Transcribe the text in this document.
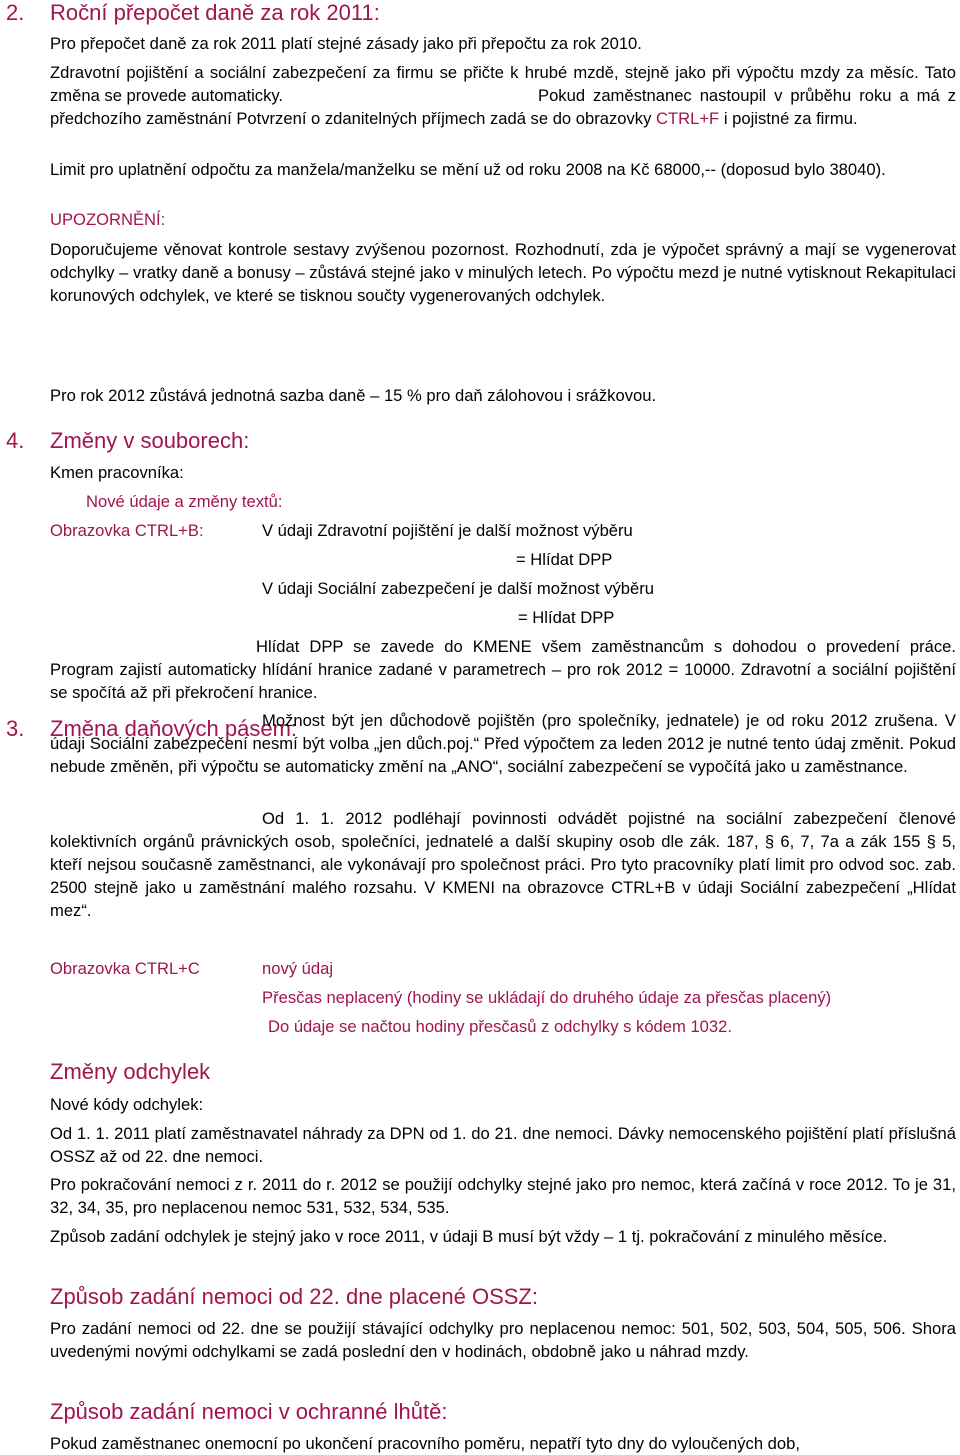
2. Roční přepočet daně za rok 2011:

Pro přepočet daně za rok 2011 platí stejné zásady jako při přepočtu za rok 2010.

Zdravotní pojištění a sociální zabezpečení za firmu se přičte k hrubé mzdě, stejně jako při výpočtu mzdy za měsíc. Tato změna se provede automaticky.	Pokud zaměstnanec nastoupil v průběhu roku a má z předchozího zaměstnání Potvrzení o zdanitelných příjmech zadá se do obrazovky CTRL+F i pojistné za firmu.

Limit pro uplatnění odpočtu za manžela/manželku se mění už od roku 2008 na Kč 68000,-- (doposud bylo 38040).

UPOZORNĚNÍ:

Doporučujeme věnovat kontrole sestavy zvýšenou pozornost. Rozhodnutí, zda je výpočet správný a mají se vygenerovat odchylky – vratky daně a bonusy – zůstává stejné jako v minulých letech. Po výpočtu mezd je nutné vytisknout Rekapitulaci korunových odchylek, ve které se tisknou součty vygenerovaných odchylek.

3. Změna daňových pásem:

Pro rok 2012 zůstává jednotná sazba daně – 15 % pro daň zálohovou i srážkovou.

4. Změny v souborech:
Kmen pracovníka:
Nové údaje a změny textů:
Obrazovka CTRL+B:	V údaji Zdravotní pojištění je další možnost výběru
= Hlídat DPP
V údaji Sociální zabezpečení je další možnost výběru
= Hlídat DPP

Hlídat DPP se zavede do KMENE všem zaměstnancům s dohodou o provedení práce. Program zajistí automaticky hlídání hranice zadané v parametrech – pro rok 2012 = 10000. Zdravotní a sociální pojištění se spočítá až při překročení hranice.

Možnost být jen důchodově pojištěn (pro společníky, jednatele) je od roku 2012 zrušena. V údaji Sociální zabezpečení nesmí být volba „jen důch.poj.“ Před výpočtem za leden 2012 je nutné tento údaj změnit. Pokud nebude změněn, při výpočtu se automaticky změní na „ANO“, sociální zabezpečení se vypočítá jako u zaměstnance.

Od 1. 1. 2012 podléhají povinnosti odvádět pojistné na sociální zabezpečení členové kolektivních orgánů právnických osob, společníci, jednatelé a další skupiny osob dle zák. 187, § 6, 7, 7a a zák 155 § 5, kteří nejsou současně zaměstnanci, ale vykonávají pro společnost práci. Pro tyto pracovníky platí limit pro odvod soc. zab. 2500 stejně jako u zaměstnání malého rozsahu. V KMENI na obrazovce CTRL+B v údaji Sociální zabezpečení „Hlídat mez“.

Obrazovka CTRL+C	nový údaj
Přesčas neplacený (hodiny se ukládají do druhého údaje za přesčas placený)
Do údaje se načtou hodiny přesčasů z odchylky s kódem 1032.
Změny odchylek
Nové kódy odchylek:

Od 1. 1. 2011 platí zaměstnavatel náhrady za DPN od 1. do 21. dne nemoci. Dávky nemocenského pojištění platí příslušná OSSZ až od 22. dne nemoci.

Pro pokračování nemoci z r. 2011 do r. 2012 se použijí odchylky stejné jako pro nemoc, která začíná v roce 2012. To je 31, 32, 34, 35, pro neplacenou nemoc 531, 532, 534, 535.

Způsob zadání odchylek je stejný jako v roce 2011, v údaji B musí být vždy – 1 tj. pokračování z minulého měsíce.

Způsob zadání nemoci od 22. dne placené OSSZ:

Pro zadání nemoci od 22. dne se použijí stávající odchylky pro neplacenou nemoc: 501, 502, 503, 504, 505, 506. Shora uvedenými novými odchylkami se zadá poslední den v hodinách, obdobně jako u náhrad mzdy.

Způsob zadání nemoci v ochranné lhůtě:

Pokud zaměstnanec onemocní po ukončení pracovního poměru, nepatří tyto dny do vyloučených dob,
